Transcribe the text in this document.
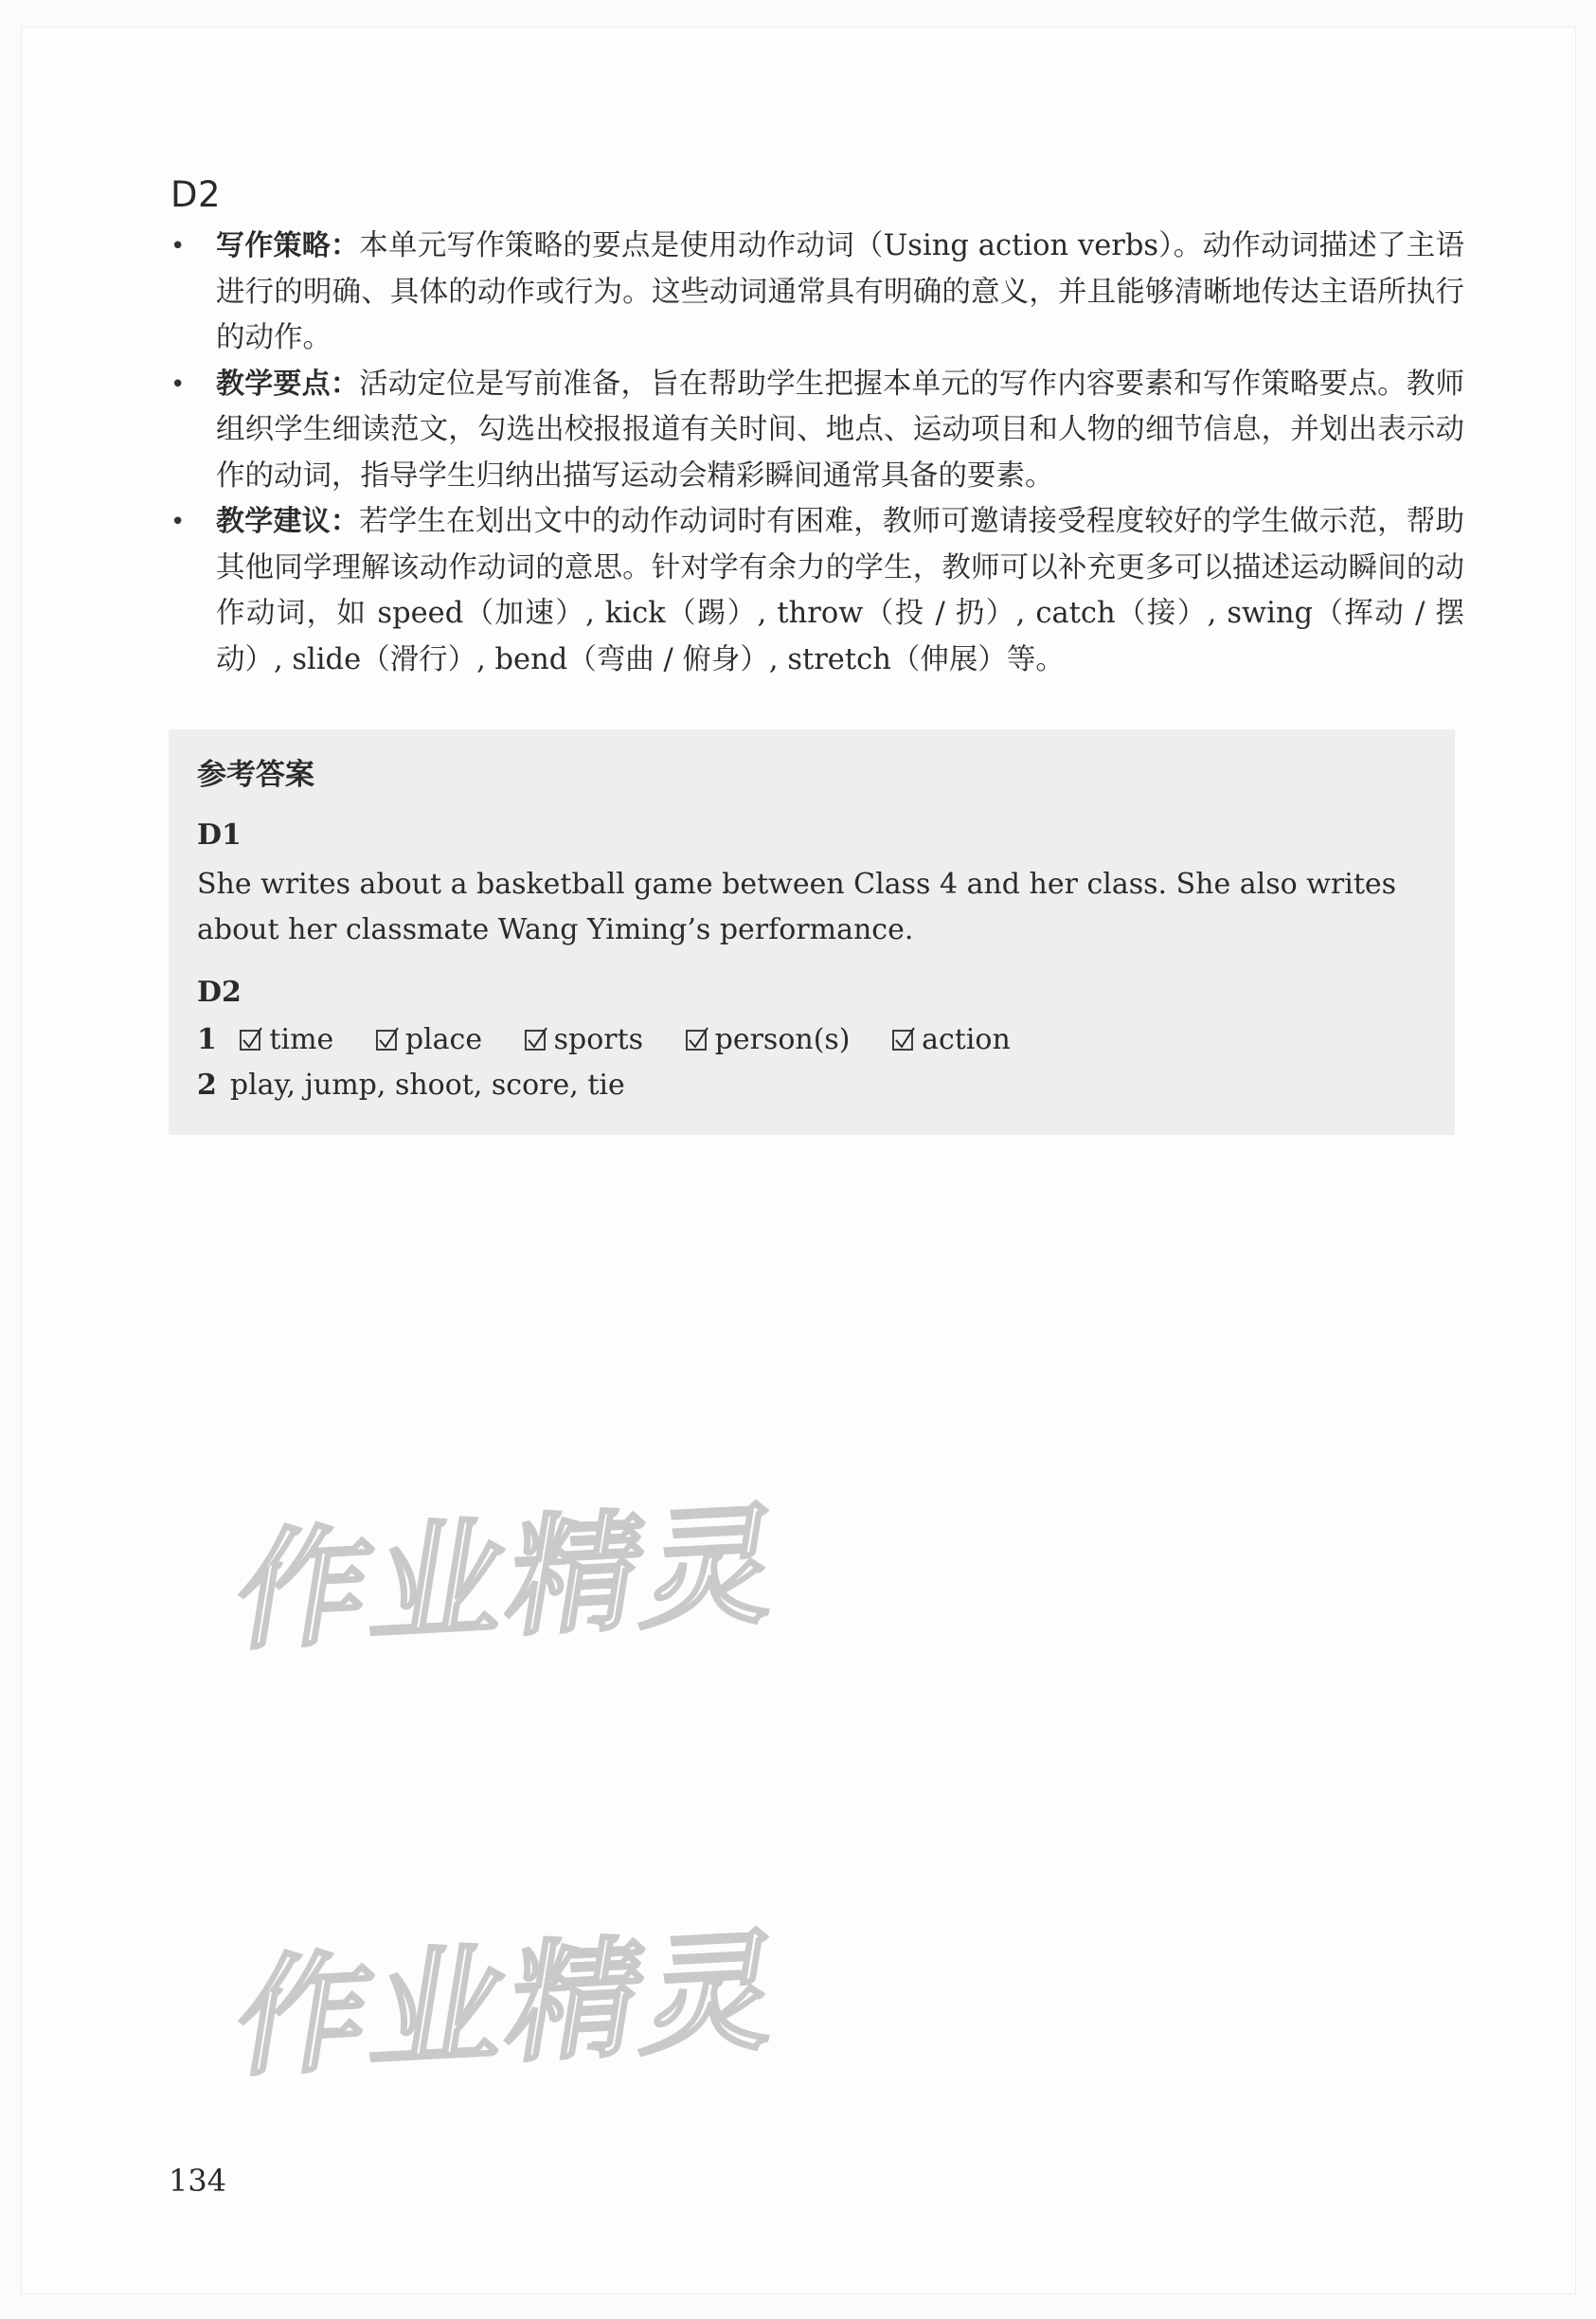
D2
• 写作策略：本单元写作策略的要点是使用动作动词（Using action verbs）。动作动词描述了主语进行的明确、具体的动作或行为。这些动词通常具有明确的意义，并且能够清晰地传达主语所执行的动作。
• 教学要点：活动定位是写前准备，旨在帮助学生把握本单元的写作内容要素和写作策略要点。教师组织学生细读范文，勾选出校报报道有关时间、地点、运动项目和人物的细节信息，并划出表示动作的动词，指导学生归纳出描写运动会精彩瞬间通常具备的要素。
• 教学建议：若学生在划出文中的动作动词时有困难，教师可邀请接受程度较好的学生做示范，帮助其他同学理解该动作动词的意思。针对学有余力的学生，教师可以补充更多可以描述运动瞬间的动作动词，如 speed（加速）, kick（踢）, throw（投 / 扔）, catch（接）, swing（挥动 / 摆动）, slide（滑行）, bend（弯曲 / 俯身）, stretch（伸展）等。
参考答案
D1
She writes about a basketball game between Class 4 and her class. She also writes about her classmate Wang Yiming’s performance.
D2
1 time	place	sports	person(s)	action
2 play, jump, shoot, score, tie
作业精灵
作业精灵
134
